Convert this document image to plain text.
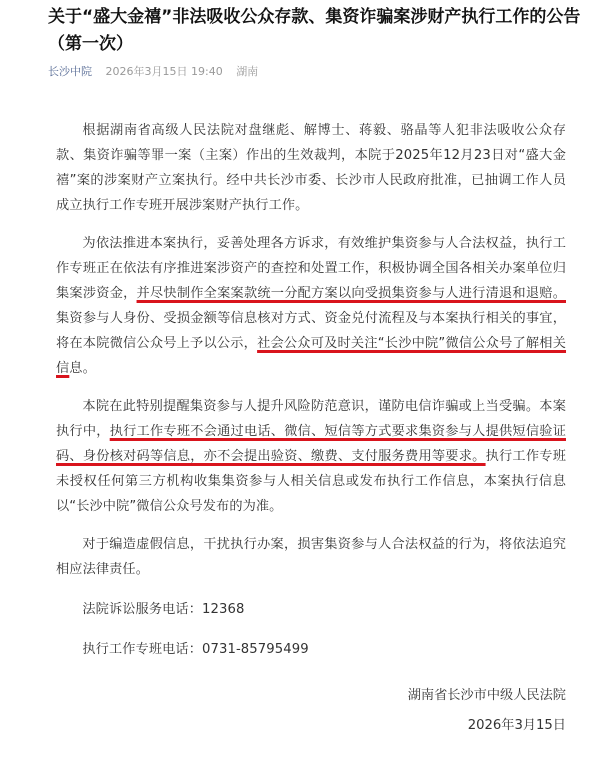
关于“盛大金禧”非法吸收公众存款、集资诈骗案涉财产执行工作的公告（第一次）
长沙中院 2026年3月15日 19:40 湖南

根据湖南省高级人民法院对盘继彪、解博士、蒋毅、骆晶等人犯非法吸收公众存款、集资诈骗等罪一案（主案）作出的生效裁判，本院于2025年12月23日对“盛大金禧”案的涉案财产立案执行。经中共长沙市委、长沙市人民政府批准，已抽调工作人员成立执行工作专班开展涉案财产执行工作。

为依法推进本案执行，妥善处理各方诉求，有效维护集资参与人合法权益，执行工作专班正在依法有序推进案涉资产的查控和处置工作，积极协调全国各相关办案单位归集案涉资金，并尽快制作全案案款统一分配方案以向受损集资参与人进行清退和退赔。集资参与人身份、受损金额等信息核对方式、资金兑付流程及与本案执行相关的事宜，将在本院微信公众号上予以公示，社会公众可及时关注“长沙中院”微信公众号了解相关信息。

本院在此特别提醒集资参与人提升风险防范意识，谨防电信诈骗或上当受骗。本案执行中，执行工作专班不会通过电话、微信、短信等方式要求集资参与人提供短信验证码、身份核对码等信息，亦不会提出验资、缴费、支付服务费用等要求。执行工作专班未授权任何第三方机构收集集资参与人相关信息或发布执行工作信息，本案执行信息以“长沙中院”微信公众号发布的为准。

对于编造虚假信息，干扰执行办案，损害集资参与人合法权益的行为，将依法追究相应法律责任。

法院诉讼服务电话：12368

执行工作专班电话：0731-85795499

湖南省长沙市中级人民法院
2026年3月15日
